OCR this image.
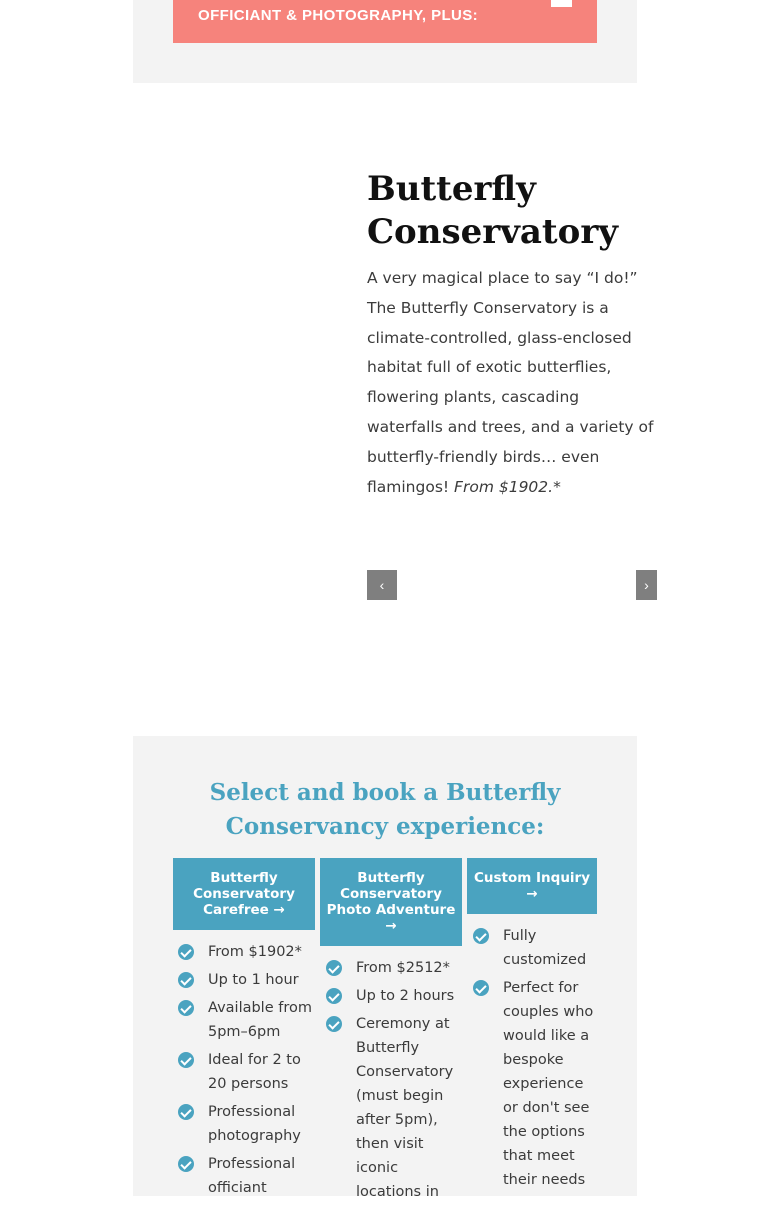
OFFICIANT & PHOTOGRAPHY, PLUS:
Butterfly Conservatory

A very magical place to say “I do!” The Butterfly Conservatory is a climate-controlled, glass-enclosed habitat full of exotic butterflies, flowering plants, cascading waterfalls and trees, and a variety of butterfly-friendly birds… even flamingos! From $1902.*

‹	›
Select and book a Butterfly Conservancy experience:
Butterfly Conservatory Carefree →
Butterfly Conservatory Photo Adventure →
Custom Inquiry →
From $1902*
Up to 1 hour
Available from 5pm–6pm
Ideal for 2 to 20 persons
Professional photography
Professional officiant
From $2512*
Up to 2 hours
Ceremony at Butterfly Conservatory (must begin after 5pm), then visit iconic locations in
Fully customized
Perfect for couples who would like a bespoke experience or don't see the options that meet their needs
